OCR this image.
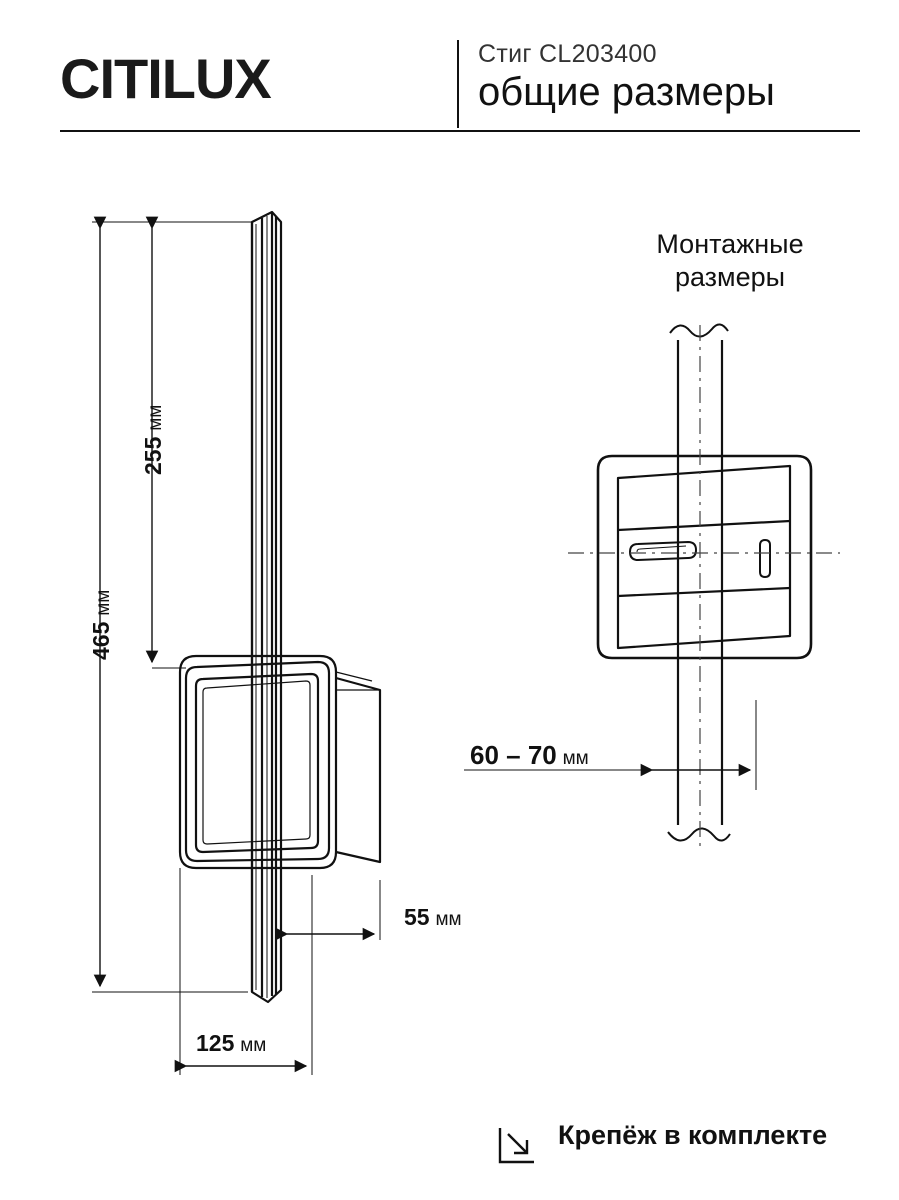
CITILUX	Стиг CL203400
общие размеры
465 мм
255 мм
125 мм
55 мм
Монтажные
размеры
60 – 70 мм
Крепёж в комплекте
